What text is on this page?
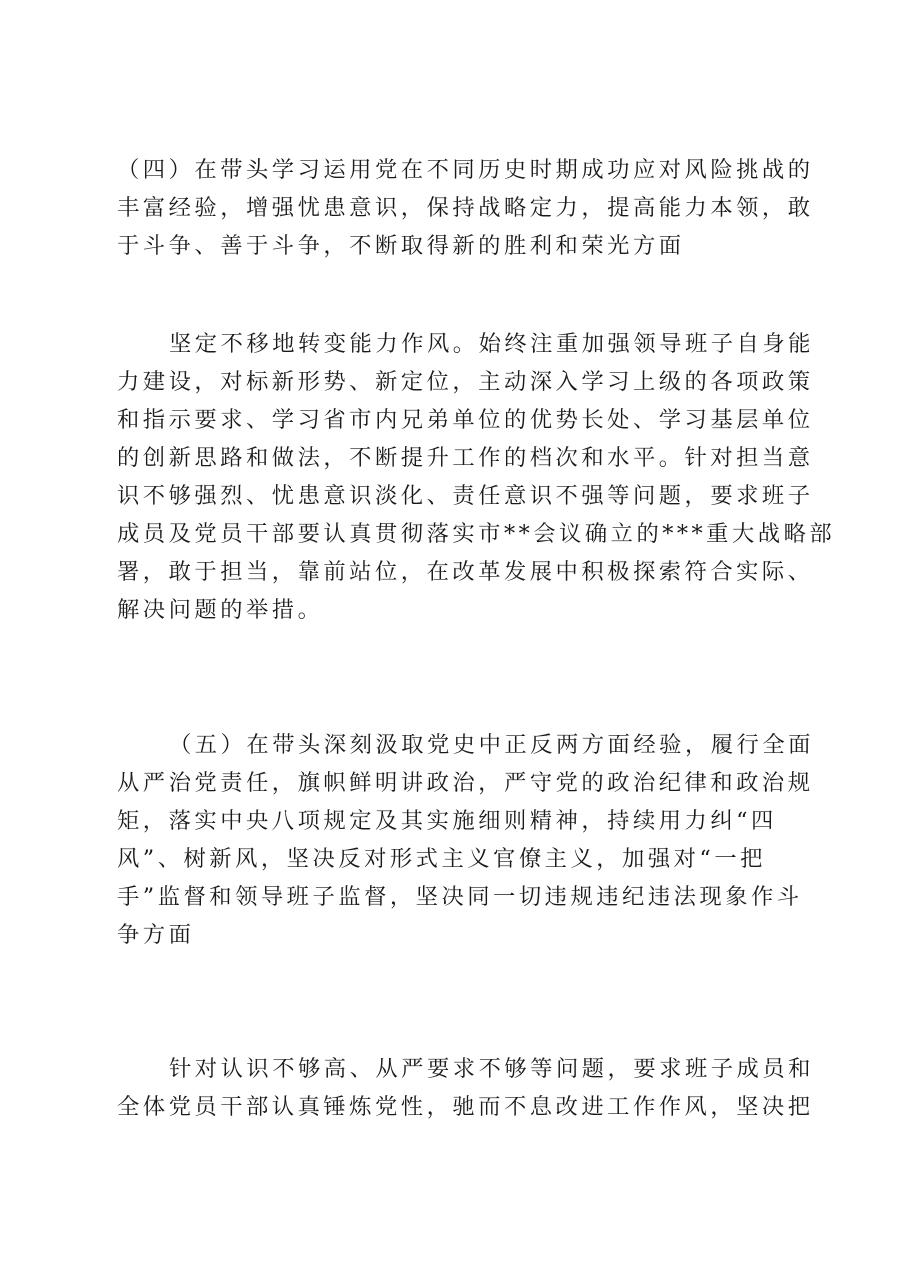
（四）在带头学习运用党在不同历史时期成功应对风险挑战的
丰富经验，增强忧患意识，保持战略定力，提高能力本领，敢
于斗争、善于斗争，不断取得新的胜利和荣光方面
坚定不移地转变能力作风。始终注重加强领导班子自身能
力建设，对标新形势、新定位，主动深入学习上级的各项政策
和指示要求、学习省市内兄弟单位的优势长处、学习基层单位
的创新思路和做法，不断提升工作的档次和水平。针对担当意
识不够强烈、忧患意识淡化、责任意识不强等问题，要求班子
成员及党员干部要认真贯彻落实市**会议确立的***重大战略部
署，敢于担当，靠前站位，在改革发展中积极探索符合实际、
解决问题的举措。
（五）在带头深刻汲取党史中正反两方面经验，履行全面
从严治党责任，旗帜鲜明讲政治，严守党的政治纪律和政治规
矩，落实中央八项规定及其实施细则精神，持续用力纠“四
风”、树新风，坚决反对形式主义官僚主义，加强对“一把
手”监督和领导班子监督，坚决同一切违规违纪违法现象作斗
争方面
针对认识不够高、从严要求不够等问题，要求班子成员和
全体党员干部认真锤炼党性，驰而不息改进工作作风，坚决把
